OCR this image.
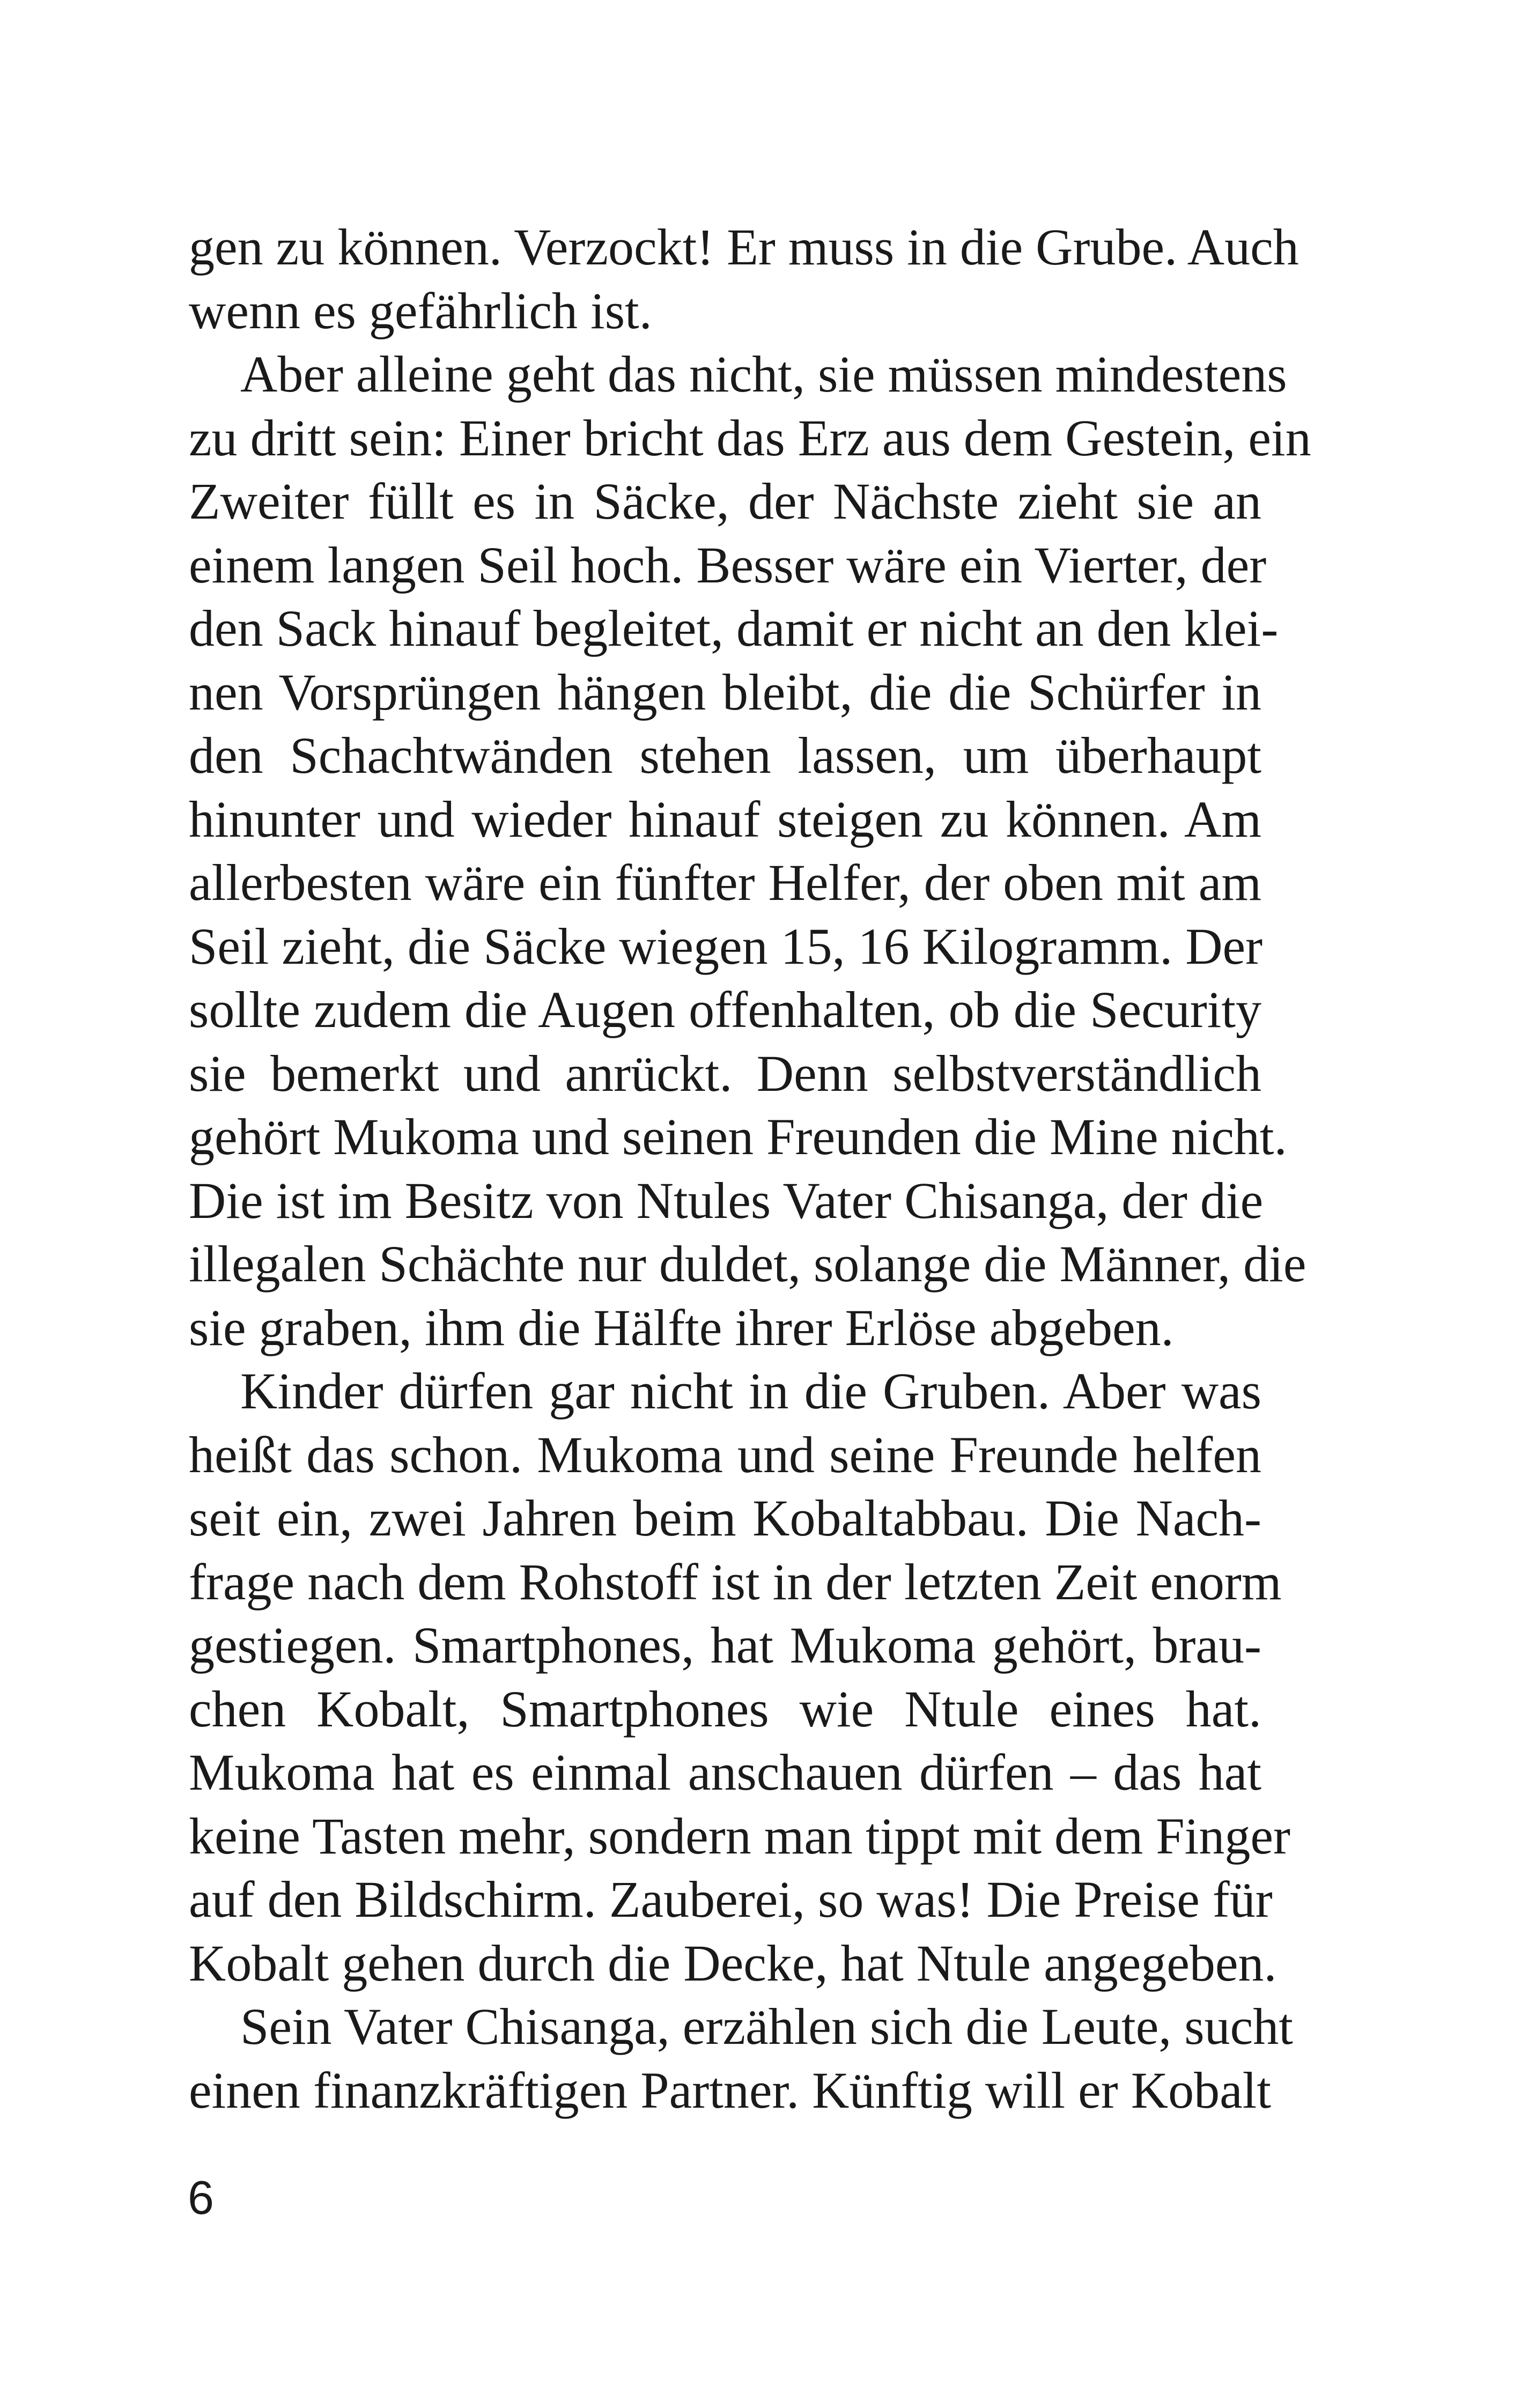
gen zu können. Verzockt! Er muss in die Grube. Auch
wenn es gefährlich ist.

Aber alleine geht das nicht, sie müssen mindestens
zu dritt sein: Einer bricht das Erz aus dem Gestein, ein
Zweiter füllt es in Säcke, der Nächste zieht sie an
einem langen Seil hoch. Besser wäre ein Vierter, der
den Sack hinauf begleitet, damit er nicht an den klei-
nen Vorsprüngen hängen bleibt, die die Schürfer in
den Schachtwänden stehen lassen, um überhaupt
hinunter und wieder hinauf steigen zu können. Am
allerbesten wäre ein fünfter Helfer, der oben mit am
Seil zieht, die Säcke wiegen 15, 16 Kilogramm. Der
sollte zudem die Augen offenhalten, ob die Security
sie bemerkt und anrückt. Denn selbstverständlich
gehört Mukoma und seinen Freunden die Mine nicht.
Die ist im Besitz von Ntules Vater Chisanga, der die
illegalen Schächte nur duldet, solange die Männer, die
sie graben, ihm die Hälfte ihrer Erlöse abgeben.

Kinder dürfen gar nicht in die Gruben. Aber was
heißt das schon. Mukoma und seine Freunde helfen
seit ein, zwei Jahren beim Kobaltabbau. Die Nach-
frage nach dem Rohstoff ist in der letzten Zeit enorm
gestiegen. Smartphones, hat Mukoma gehört, brau-
chen Kobalt, Smartphones wie Ntule eines hat.
Mukoma hat es einmal anschauen dürfen – das hat
keine Tasten mehr, sondern man tippt mit dem Finger
auf den Bildschirm. Zauberei, so was! Die Preise für
Kobalt gehen durch die Decke, hat Ntule angegeben.

Sein Vater Chisanga, erzählen sich die Leute, sucht
einen finanzkräftigen Partner. Künftig will er Kobalt

6
